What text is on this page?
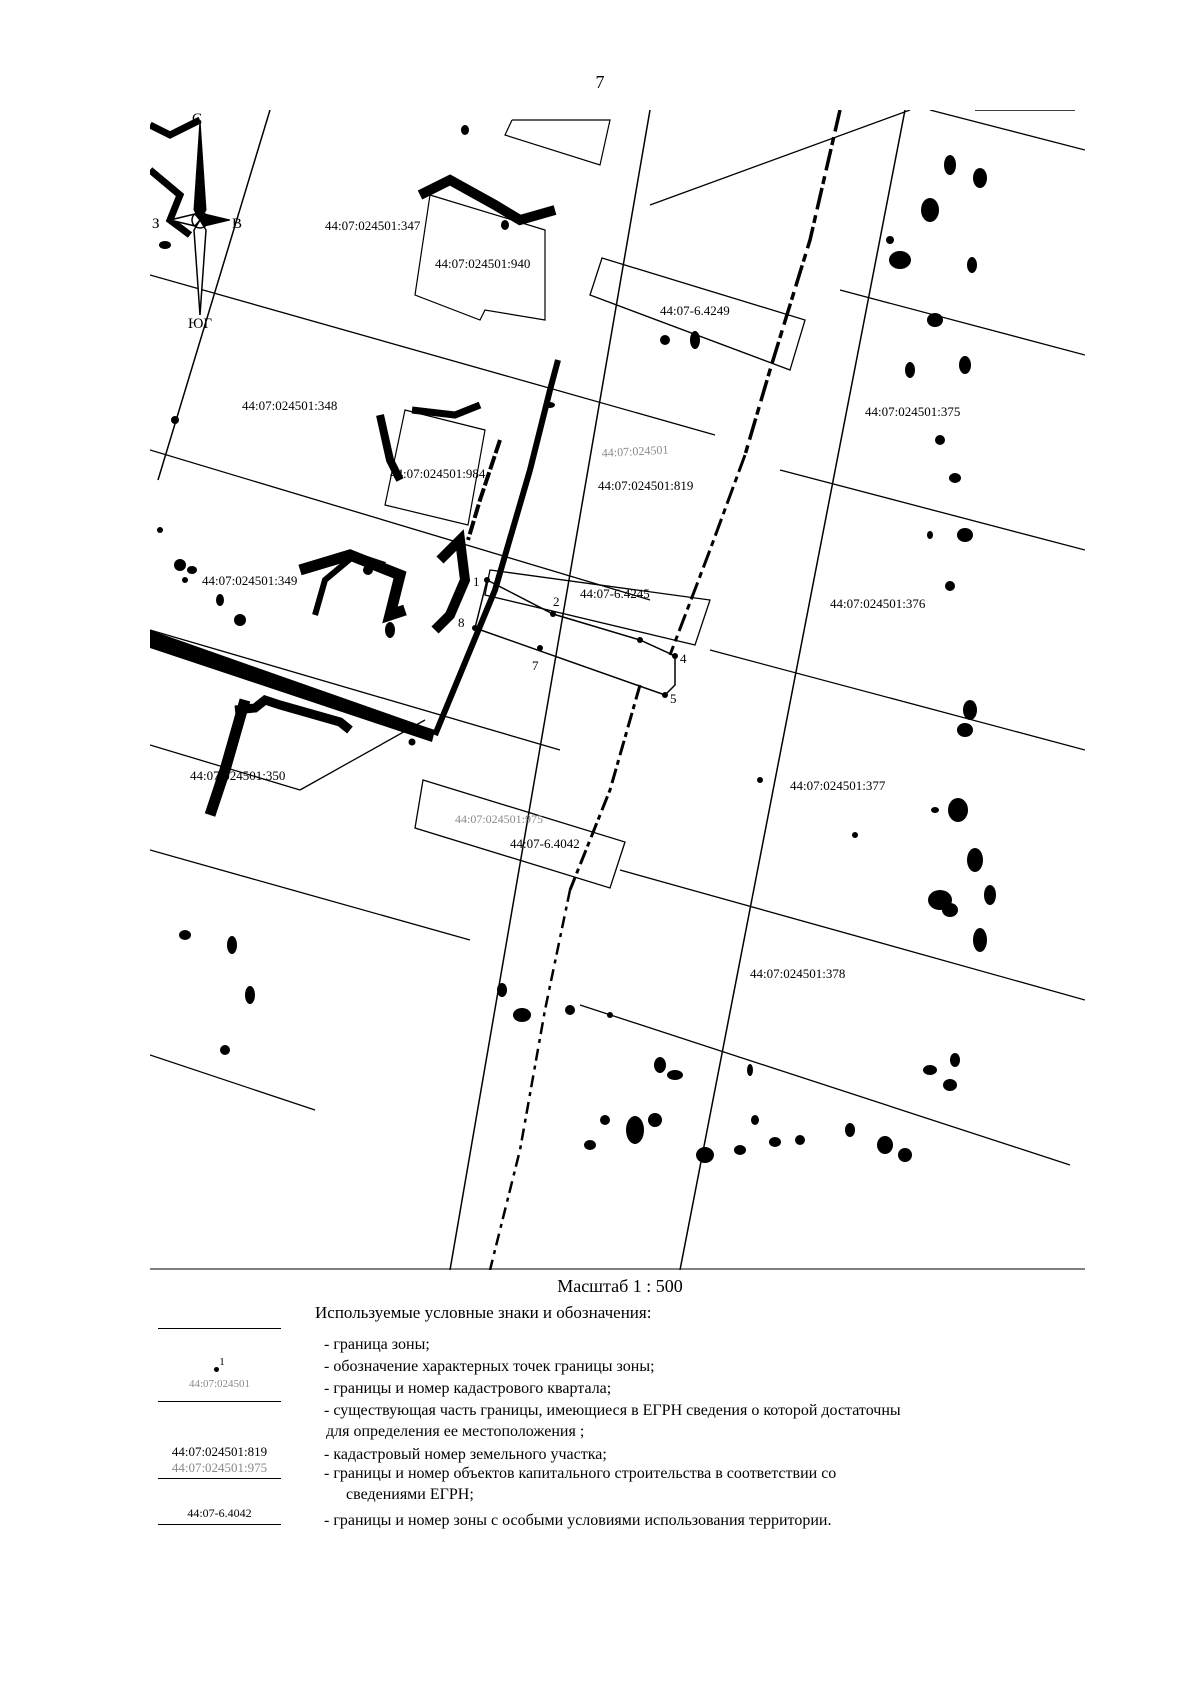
7
С
ЮГ
В
З	44:07:024501:347
44:07:024501:940
44:07:024501:348
44:07:024501:984
44:07:024501:819
44:07:024501:349
44:07:024501:350
44:07:024501:375
44:07:024501:376
44:07:024501:377
44:07:024501:378
44:07:024501
44:07:024501:975
44:07-6.4249
44:07-6.4245
44:07-6.4042
1
2
4
5
7
8
Масштаб 1 : 500
Используемые условные знаки и обозначения:
- граница зоны;
$^1$	- обозначение характерных точек границы зоны;
44:07:024501	- границы и номер кадастрового квартала;
- существующая часть границы, имеющиеся в ЕГРН сведения о которой достаточны
для определения ее местоположения ;
44:07:024501:819	- кадастровый номер земельного участка;
44:07:024501:975	- границы и номер объектов капитального строительства в соответствии со
сведениями ЕГРН;
44:07-6.4042	- границы и номер зоны с особыми условиями использования территории.
